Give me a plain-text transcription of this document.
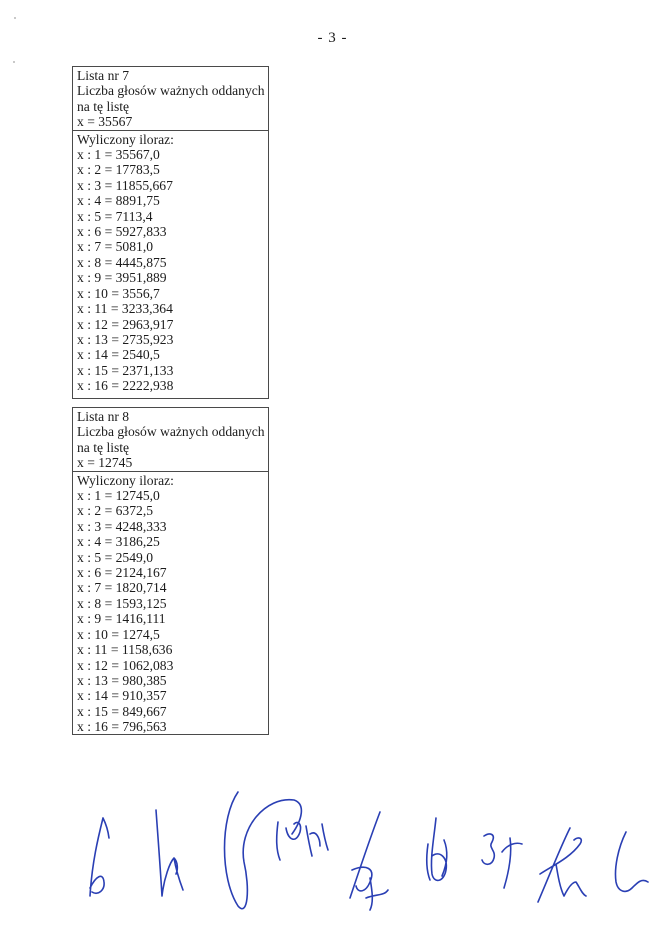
- 3 -
Lista nr 7
Liczba głosów ważnych oddanych
na tę listę
x = 35567
Wyliczony iloraz:
x : 1 = 35567,0
x : 2 = 17783,5
x : 3 = 11855,667
x : 4 = 8891,75
x : 5 = 7113,4
x : 6 = 5927,833
x : 7 = 5081,0
x : 8 = 4445,875
x : 9 = 3951,889
x : 10 = 3556,7
x : 11 = 3233,364
x : 12 = 2963,917
x : 13 = 2735,923
x : 14 = 2540,5
x : 15 = 2371,133
x : 16 = 2222,938
Lista nr 8
Liczba głosów ważnych oddanych
na tę listę
x = 12745
Wyliczony iloraz:
x : 1 = 12745,0
x : 2 = 6372,5
x : 3 = 4248,333
x : 4 = 3186,25
x : 5 = 2549,0
x : 6 = 2124,167
x : 7 = 1820,714
x : 8 = 1593,125
x : 9 = 1416,111
x : 10 = 1274,5
x : 11 = 1158,636
x : 12 = 1062,083
x : 13 = 980,385
x : 14 = 910,357
x : 15 = 849,667
x : 16 = 796,563
